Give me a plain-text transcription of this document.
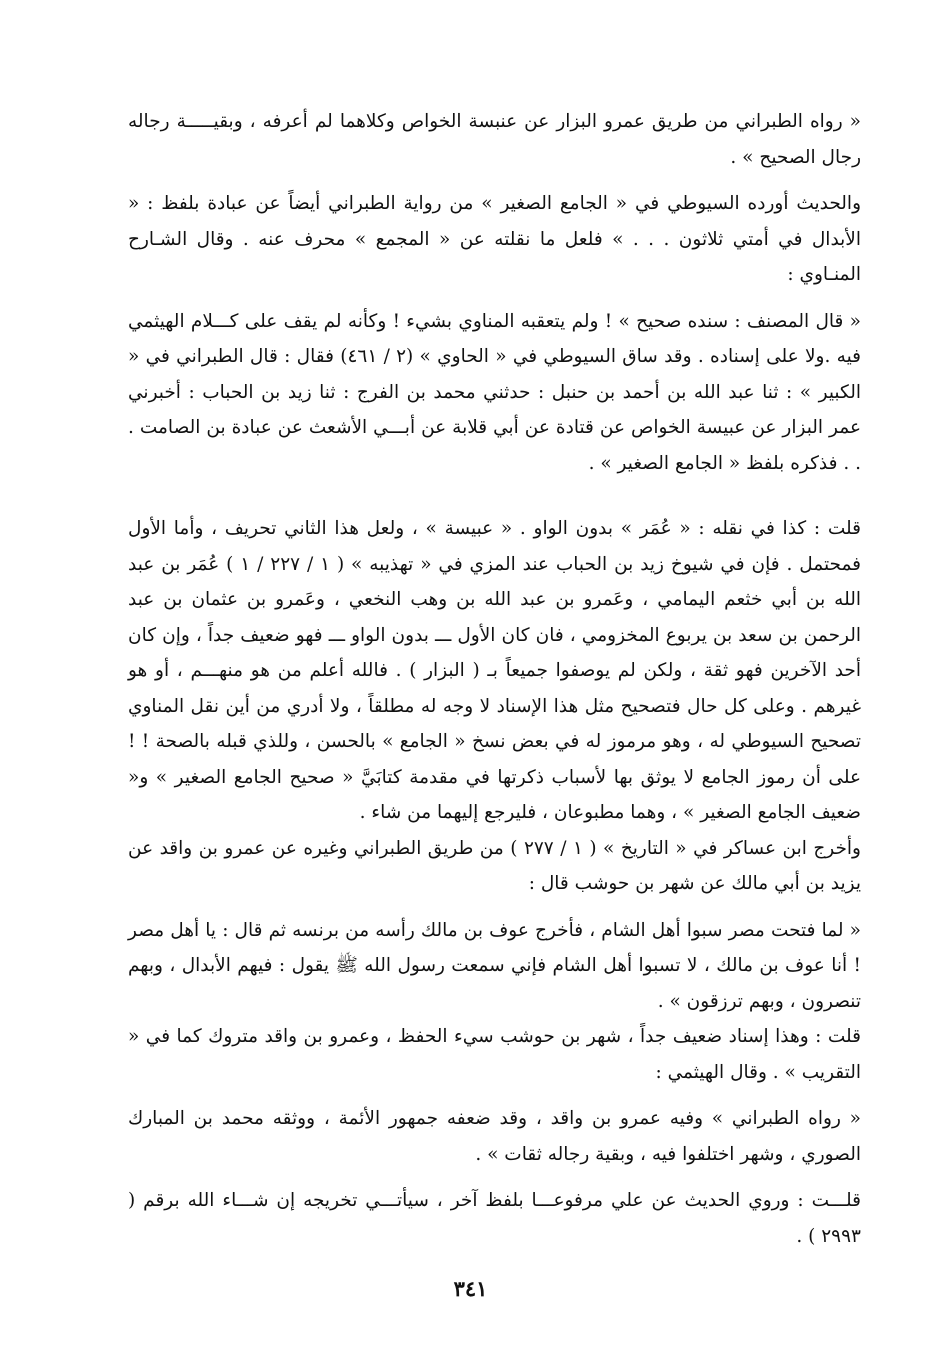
« رواه الطبراني من طريق عمرو البزار عن عنبسة الخواص وكلاهما لم أعرفه ، وبقيـــــة رجاله رجال الصحيح » .

والحديث أورده السيوطي في « الجامع الصغير » من رواية الطبراني أيضاً عن عبادة بلفظ : « الأبدال في أمتي ثلاثون . . . » فلعل ما نقلته عن « المجمع » محرف عنه . وقال الشـارح المنـاوي :

« قال المصنف : سنده صحيح » ! ولم يتعقبه المناوي بشيء ! وكأنه لم يقف على كـــلام الهيثمي فيه .ولا على إسناده . وقد ساق السيوطي في « الحاوي » (٢ / ٤٦١) فقال : قال الطبراني في « الكبير » : ثنا عبد الله بن أحمد بن حنبل : حدثني محمد بن الفرج : ثنا زيد بن الحباب : أخبرني عمر البزار عن عبيسة الخواص عن قتادة عن أبي قلابة عن أبـــي الأشعث عن عبادة بن الصامت . . . فذكره بلفظ « الجامع الصغير » .

قلت : كذا في نقله : « عُمَر » بدون الواو . « عبيسة » ، ولعل هذا الثاني تحريف ، وأما الأول فمحتمل . فإن في شيوخ زيد بن الحباب عند المزي في « تهذيبه » ( ١ / ٢٢٧ / ١ ) عُمَر بن عبد الله بن أبي خثعم اليمامي ، وعَمرو بن عبد الله بن وهب النخعي ، وعَمرو بن عثمان بن عبد الرحمن بن سعد بن يربوع المخزومي ، فان كان الأول ـــ بدون الواو ـــ فهو ضعيف جداً ، وإن كان أحد الآخرين فهو ثقة ، ولكن لم يوصفوا جميعاً بـ ( البزار ) . فالله أعلم من هو منهـــم ، أو هو غيرهم . وعلى كل حال فتصحيح مثل هذا الإسناد لا وجه له مطلقاً ، ولا أدري من أين نقل المناوي تصحيح السيوطي له ، وهو مرموز له في بعض نسخ « الجامع » بالحسن ، وللذي قبله بالصحة ! ! على أن رموز الجامع لا يوثق بها لأسباب ذكرتها في مقدمة كتابَيَّ « صحيح الجامع الصغير » و« ضعيف الجامع الصغير » ، وهما مطبوعان ، فليرجع إليهما من شاء .

وأخرج ابن عساكر في « التاريخ » ( ١ / ٢٧٧ ) من طريق الطبراني وغيره عن عمرو بن واقد عن يزيد بن أبي مالك عن شهر بن حوشب قال :

« لما فتحت مصر سبوا أهل الشام ، فأخرج عوف بن مالك رأسه من برنسه ثم قال : يا أهل مصر ! أنا عوف بن مالك ، لا تسبوا أهل الشام فإني سمعت رسول الله ﷺ يقول : فيهم الأبدال ، وبهم تنصرون ، وبهم ترزقون » .

قلت : وهذا إسناد ضعيف جداً ، شهر بن حوشب سيء الحفظ ، وعمرو بن واقد متروك كما في « التقريب » . وقال الهيثمي :

« رواه الطبراني » وفيه عمرو بن واقد ، وقد ضعفه جمهور الأئمة ، ووثقه محمد بن المبارك الصوري ، وشهر اختلفوا فيه ، وبقية رجاله ثقات » .

قلـــت : وروي الحديث عن علي مرفوعـــا بلفظ آخر ، سيأتـــي تخريجه إن شـــاء الله برقم ( ٢٩٩٣ ) .

٣٤١
